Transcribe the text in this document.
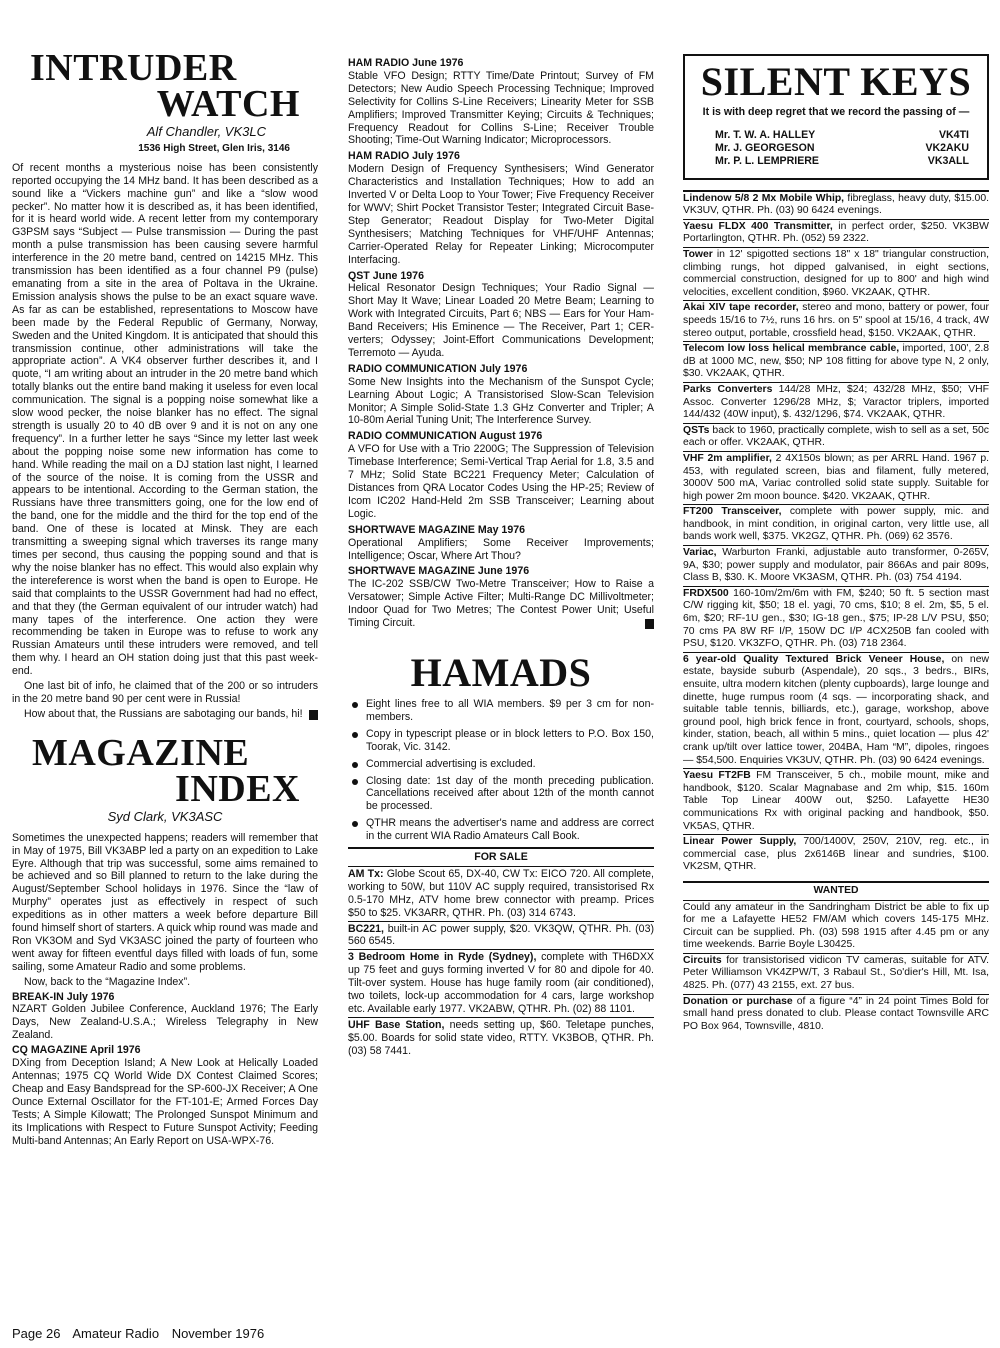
INTRUDER
WATCH
Alf Chandler, VK3LC
1536 High Street, Glen Iris, 3146

Of recent months a mysterious noise has been consistently reported occupying the 14 MHz band. It has been described as a sound like a “Vickers machine gun” and like a “slow wood pecker”. No matter how it is described as, it has been identified, for it is heard world wide. A recent letter from my contemporary G3PSM says “Subject — Pulse transmission — During the past month a pulse transmission has been causing severe harmful interference in the 20 metre band, centred on 14215 MHz. This transmission has been identified as a four channel P9 (pulse) emanating from a site in the area of Poltava in the Ukraine. Emission analysis shows the pulse to be an exact square wave. As far as can be established, representations to Moscow have been made by the Federal Republic of Germany, Norway, Sweden and the United Kingdom. It is anticipated that should this transmission continue, other administrations will take the appropriate action”. A VK4 observer further describes it, and I quote, “I am writing about an intruder in the 20 metre band which totally blanks out the entire band making it useless for even local communication. The signal is a popping noise somewhat like a slow wood pecker, the noise blanker has no effect. The signal strength is usually 20 to 40 dB over 9 and it is not on any one frequency”. In a further letter he says “Since my letter last week about the popping noise some new information has come to hand. While reading the mail on a DJ station last night, I learned of the source of the noise. It is coming from the USSR and appears to be intentional. According to the German station, the Russians have three transmitters going, one for the low end of the band, one for the middle and the third for the top end of the band. One of these is located at Minsk. They are each transmitting a sweeping signal which traverses its range many times per second, thus causing the popping sound and that is why the noise blanker has no effect. This would also explain why the intereference is worst when the band is open to Europe. He said that complaints to the USSR Government had had no effect, and that they (the German equivalent of our intruder watch) had many tapes of the interference. One action they were recommending be taken in Europe was to refuse to work any Russian Amateurs until these intruders were removed, and tell them why. I heard an OH station doing just that this past week-end.

One last bit of info, he claimed that of the 200 or so intruders in the 20 metre band 90 per cent were in Russia!

How about that, the Russians are sabotaging our bands, hi!

MAGAZINE
INDEX
Syd Clark, VK3ASC

Sometimes the unexpected happens; readers will remember that in May of 1975, Bill VK3ABP led a party on an expedition to Lake Eyre. Although that trip was successful, some aims remained to be achieved and so Bill planned to return to the lake during the August/September School holidays in 1976. Since the “law of Murphy” operates just as effectively in respect of such expeditions as in other matters a week before departure Bill found himself short of starters. A quick whip round was made and Ron VK3OM and Syd VK3ASC joined the party of fourteen who went away for fifteen eventful days filled with loads of fun, some sailing, some Amateur Radio and some problems.

Now, back to the “Magazine Index”.

BREAK-IN July 1976

NZART Golden Jubilee Conference, Auckland 1976; The Early Days, New Zealand-U.S.A.; Wireless Telegraphy in New Zealand.

CQ MAGAZINE April 1976

DXing from Deception Island; A New Look at Helically Loaded Antennas; 1975 CQ World Wide DX Contest Claimed Scores; Cheap and Easy Bandspread for the SP-600-JX Receiver; A One Ounce External Oscillator for the FT-101-E; Armed Forces Day Tests; A Simple Kilowatt; The Prolonged Sunspot Minimum and its Implications with Respect to Future Sunspot Activity; Feeding Multi-band Antennas; An Early Report on USA-WPX-76.

HAM RADIO June 1976

Stable VFO Design; RTTY Time/Date Printout; Survey of FM Detectors; New Audio Speech Processing Technique; Improved Selectivity for Collins S-Line Receivers; Linearity Meter for SSB Amplifiers; Improved Transmitter Keying; Circuits & Techniques; Frequency Readout for Collins S-Line; Receiver Trouble Shooting; Time-Out Warning Indicator; Microprocessors.

HAM RADIO July 1976

Modern Design of Frequency Synthesisers; Wind Generator Characteristics and Installation Techniques; How to add an Inverted V or Delta Loop to Your Tower; Five Frequency Receiver for WWV; Shirt Pocket Transistor Tester; Integrated Circuit Base-Step Generator; Readout Display for Two-Meter Digital Synthesisers; Matching Techniques for VHF/UHF Antennas; Carrier-Operated Relay for Repeater Linking; Microcomputer Interfacing.

QST June 1976

Helical Resonator Design Techniques; Your Radio Signal — Short May It Wave; Linear Loaded 20 Metre Beam; Learning to Work with Integrated Circuits, Part 6; NBS — Ears for Your Ham-Band Receivers; His Eminence — The Receiver, Part 1; CER-verters; Odyssey; Joint-Effort Communications Development; Terremoto — Ayuda.

RADIO COMMUNICATION July 1976

Some New Insights into the Mechanism of the Sunspot Cycle; Learning About Logic; A Transistorised Slow-Scan Television Monitor; A Simple Solid-State 1.3 GHz Converter and Tripler; A 10-80m Aerial Tuning Unit; The Interference Survey.

RADIO COMMUNICATION August 1976

A VFO for Use with a Trio 2200G; The Suppression of Television Timebase Interference; Semi-Vertical Trap Aerial for 1.8, 3.5 and 7 MHz; Solid State BC221 Frequency Meter; Calculation of Distances from QRA Locator Codes Using the HP-25; Review of Icom IC202 Hand-Held 2m SSB Transceiver; Learning about Logic.

SHORTWAVE MAGAZINE May 1976

Operational Amplifiers; Some Receiver Improvements; Intelligence; Oscar, Where Art Thou?

SHORTWAVE MAGAZINE June 1976

The IC-202 SSB/CW Two-Metre Transceiver; How to Raise a Versatower; Simple Active Filter; Multi-Range DC Millivoltmeter; Indoor Quad for Two Metres; The Contest Power Unit; Useful Timing Circuit.

HAMADS
Eight lines free to all WIA members. $9 per 3 cm for non-members.
Copy in typescript please or in block letters to P.O. Box 150, Toorak, Vic. 3142.
Commercial advertising is excluded.
Closing date: 1st day of the month preceding publication. Cancellations received after about 12th of the month cannot be processed.
QTHR means the advertiser's name and address are correct in the current WIA Radio Amateurs Call Book.
FOR SALE
AM Tx: Globe Scout 65, DX-40, CW Tx: EICO 720. All complete, working to 50W, but 110V AC supply required, transistorised Rx 0.5-170 MHz, ATV home brew connector with preamp. Prices $50 to $25. VK3ARR, QTHR. Ph. (03) 314 6743.
BC221, built-in AC power supply, $20. VK3QW, QTHR. Ph. (03) 560 6545.
3 Bedroom Home in Ryde (Sydney), complete with TH6DXX up 75 feet and guys forming inverted V for 80 and dipole for 40. Tilt-over system. House has huge family room (air conditioned), two toilets, lock-up accommodation for 4 cars, large workshop etc. Available early 1977. VK2ABW, QTHR. Ph. (02) 88 1101.
UHF Base Station, needs setting up, $60. Teletape punches, $5.00. Boards for solid state video, RTTY. VK3BOB, QTHR. Ph. (03) 58 7441.
SILENT KEYS
It is with deep regret that we record the passing of —
Mr. T. W. A. HALLEY	VK4TI
Mr. J. GEORGESON	VK2AKU
Mr. P. L. LEMPRIERE	VK3ALL
Lindenow 5/8 2 Mx Mobile Whip, fibreglass, heavy duty, $15.00. VK3UV, QTHR. Ph. (03) 90 6424 evenings.
Yaesu FLDX 400 Transmitter, in perfect order, $250. VK3BW Portarlington, QTHR. Ph. (052) 59 2322.
Tower in 12' spigotted sections 18" x 18" triangular construction, climbing rungs, hot dipped galvanised, in eight sections, commercial construction, designed for up to 800' and high wind velocities, excellent condition, $960. VK2AAK, QTHR.
Akai XIV tape recorder, stereo and mono, battery or power, four speeds 15/16 to 7½, runs 16 hrs. on 5" spool at 15/16, 4 track, 4W stereo output, portable, crossfield head, $150. VK2AAK, QTHR.
Telecom low loss helical membrance cable, imported, 100', 2.8 dB at 1000 MC, new, $50; NP 108 fitting for above type N, 2 only, $30. VK2AAK, QTHR.
Parks Converters 144/28 MHz, $24; 432/28 MHz, $50; VHF Assoc. Converter 1296/28 MHz, $; Varactor triplers, imported 144/432 (40W input), $. 432/1296, $74. VK2AAK, QTHR.
QSTs back to 1960, practically complete, wish to sell as a set, 50c each or offer. VK2AAK, QTHR.
VHF 2m amplifier, 2 4X150s blown; as per ARRL Hand. 1967 p. 453, with regulated screen, bias and filament, fully metered, 3000V 500 mA, Variac controlled solid state supply. Suitable for high power 2m moon bounce. $420. VK2AAK, QTHR.
FT200 Transceiver, complete with power supply, mic. and handbook, in mint condition, in original carton, very little use, all bands work well, $375. VK2GZ, QTHR. Ph. (069) 62 3576.
Variac, Warburton Franki, adjustable auto transformer, 0-265V, 9A, $30; power supply and modulator, pair 866As and pair 809s, Class B, $30. K. Moore VK3ASM, QTHR. Ph. (03) 754 4194.
FRDX500 160-10m/2m/6m with FM, $240; 50 ft. 5 section mast C/W rigging kit, $50; 18 el. yagi, 70 cms, $10; 8 el. 2m, $5, 5 el. 6m, $20; RF-1U gen., $30; IG-18 gen., $75; IP-28 L/V PSU, $50; 70 cms PA 8W RF I/P, 150W DC I/P 4CX250B fan cooled with PSU, $120. VK3ZFO, QTHR. Ph. (03) 718 2364.
6 year-old Quality Textured Brick Veneer House, on new estate, bayside suburb (Aspendale), 20 sqs., 3 bedrs., BIRs, ensuite, ultra modern kitchen (plenty cupboards), large lounge and dinette, huge rumpus room (4 sqs. — incorporating shack, and suitable table tennis, billiards, etc.), garage, workshop, above ground pool, high brick fence in front, courtyard, schools, shops, kinder, station, beach, all within 5 mins., quiet location — plus 42' crank up/tilt over lattice tower, 204BA, Ham “M”, dipoles, ringoes — $54,500. Enquiries VK3UV, QTHR. Ph. (03) 90 6424 evenings.
Yaesu FT2FB FM Transceiver, 5 ch., mobile mount, mike and handbook, $120. Scalar Magnabase and 2m whip, $15. 160m Table Top Linear 400W out, $250. Lafayette HE30 communications Rx with original packing and handbook, $50. VK5AS, QTHR.
Linear Power Supply, 700/1400V, 250V, 210V, reg. etc., in commercial case, plus 2x6146B linear and sundries, $100. VK2SM, QTHR.
WANTED
Could any amateur in the Sandringham District be able to fix up for me a Lafayette HE52 FM/AM which covers 145-175 MHz. Circuit can be supplied. Ph. (03) 598 1915 after 4.45 pm or any time weekends. Barrie Boyle L30425.
Circuits for transistorised vidicon TV cameras, suitable for ATV. Peter Williamson VK4ZPW/T, 3 Rabaul St., So'dier's Hill, Mt. Isa, 4825. Ph. (077) 43 2155, ext. 27 bus.
Donation or purchase of a figure “4” in 24 point Times Bold for small hand press donated to club. Please contact Townsville ARC PO Box 964, Townsville, 4810.
Page 26 Amateur Radio November 1976
